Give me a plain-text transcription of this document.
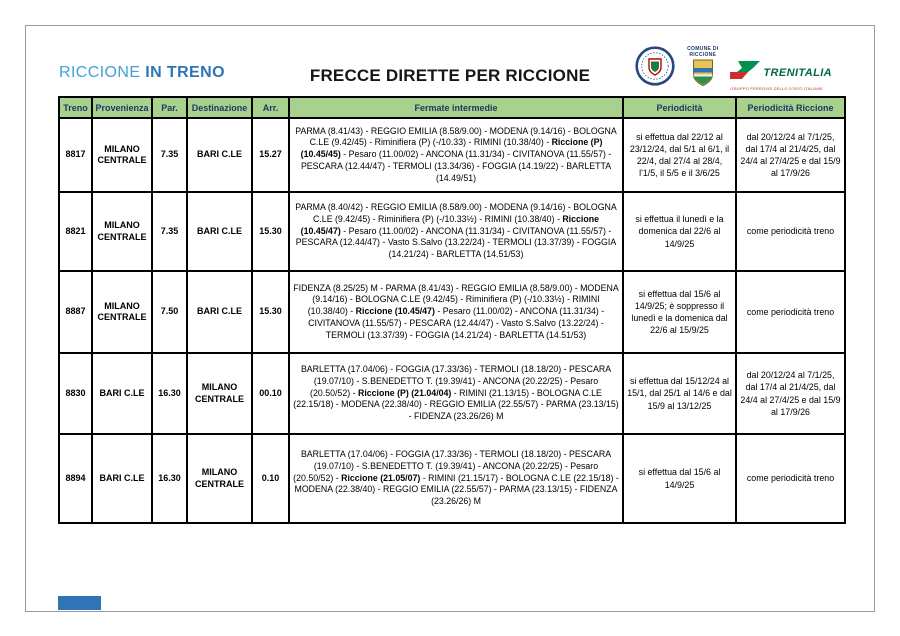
RICCIONE IN TRENO	FRECCE DIRETTE PER RICCIONE
COMUNE DI
RICCIONE
TRENITALIA
GRUPPO FERROVIE DELLO STATO ITALIANE
Treno	Provenienza	Par.	Destinazione	Arr.	Fermate intermedie	Periodicità	Periodicità Riccione
8817	MILANO CENTRALE	7.35	BARI C.LE	15.27	PARMA (8.41/43) - REGGIO EMILIA (8.58/9.00) - MODENA (9.14/16) - BOLOGNA C.LE (9.42/45) - Riminifiera (P) (-/10.33) - RIMINI (10.38/40) - Riccione (P) (10.45/45) - Pesaro (11.00/02) - ANCONA (11.31/34) - CIVITANOVA (11.55/57) - PESCARA (12.44/47) - TERMOLI (13.34/36) - FOGGIA (14.19/22) - BARLETTA (14.49/51)	si effettua dal 22/12 al 23/12/24, dal 5/1 al 6/1, il 22/4, dal 27/4 al 28/4, l'1/5, il 5/5 e il 3/6/25	dal 20/12/24 al 7/1/25, dal 17/4 al 21/4/25, dal 24/4 al 27/4/25 e dal 15/9 al 17/9/26
8821	MILANO CENTRALE	7.35	BARI C.LE	15.30	PARMA (8.40/42) - REGGIO EMILIA (8.58/9.00) - MODENA (9.14/16) - BOLOGNA C.LE (9.42/45) - Riminifiera (P) (-/10.33½) - RIMINI (10.38/40) - Riccione (10.45/47) - Pesaro (11.00/02) - ANCONA (11.31/34) - CIVITANOVA (11.55/57) - PESCARA (12.44/47) - Vasto S.Salvo (13.22/24) - TERMOLI (13.37/39) - FOGGIA (14.21/24) - BARLETTA (14.51/53)	si effettua il lunedì e la domenica dal 22/6 al 14/9/25	come periodicità treno
8887	MILANO CENTRALE	7.50	BARI C.LE	15.30	FIDENZA (8.25/25) M - PARMA (8.41/43) - REGGIO EMILIA (8.58/9.00) - MODENA (9.14/16) - BOLOGNA C.LE (9.42/45) - Riminifiera (P) (-/10.33½) - RIMINI (10.38/40) - Riccione (10.45/47) - Pesaro (11.00/02) - ANCONA (11.31/34) - CIVITANOVA (11.55/57) - PESCARA (12.44/47) - Vasto S.Salvo (13.22/24) - TERMOLI (13.37/39) - FOGGIA (14.21/24) - BARLETTA (14.51/53)	si effettua dal 15/6 al 14/9/25; è soppresso il lunedì e la domenica dal 22/6 al 15/9/25	come periodicità treno
8830	BARI C.LE	16.30	MILANO CENTRALE	00.10	BARLETTA (17.04/06) - FOGGIA (17.33/36) - TERMOLI (18.18/20) - PESCARA (19.07/10) - S.BENEDETTO T. (19.39/41) - ANCONA (20.22/25) - Pesaro (20.50/52) - Riccione (P) (21.04/04) - RIMINI (21.13/15) - BOLOGNA C.LE (22.15/18) - MODENA (22.38/40) - REGGIO EMILIA (22.55/57) - PARMA (23.13/15) - FIDENZA (23.26/26) M	si effettua dal 15/12/24 al 15/1, dal 25/1 al 14/6 e dal 15/9 al 13/12/25	dal 20/12/24 al 7/1/25, dal 17/4 al 21/4/25, dal 24/4 al 27/4/25 e dal 15/9 al 17/9/26
8894	BARI C.LE	16.30	MILANO CENTRALE	0.10	BARLETTA (17.04/06) - FOGGIA (17.33/36) - TERMOLI (18.18/20) - PESCARA (19.07/10) - S.BENEDETTO T. (19.39/41) - ANCONA (20.22/25) - Pesaro (20.50/52) - Riccione (21.05/07) - RIMINI (21.15/17) - BOLOGNA C.LE (22.15/18) - MODENA (22.38/40) - REGGIO EMILIA (22.55/57) - PARMA (23.13/15) - FIDENZA (23.26/26) M	si effettua dal 15/6 al 14/9/25	come periodicità treno
